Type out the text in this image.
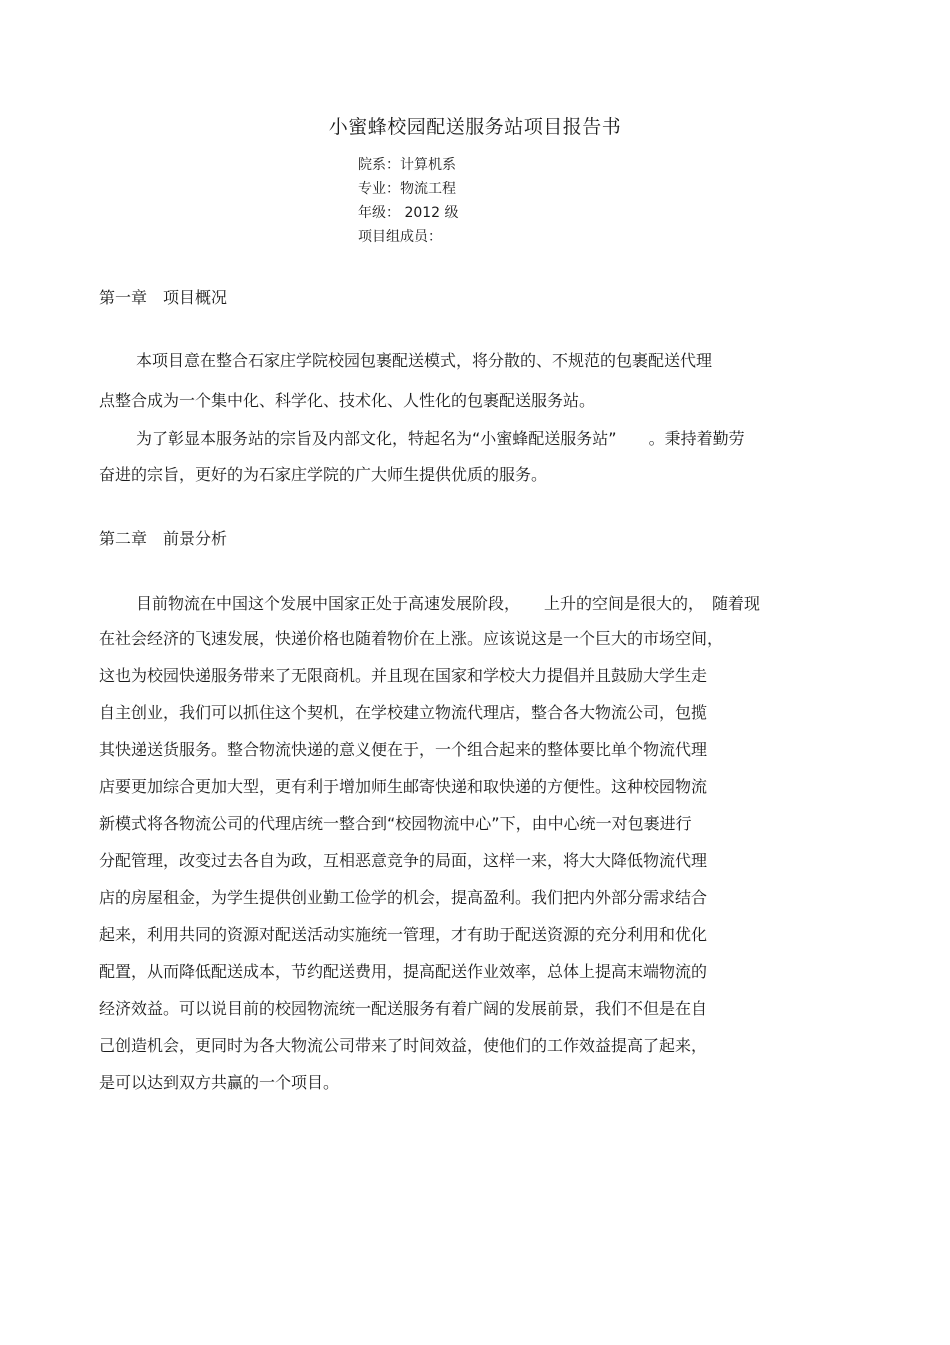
小蜜蜂校园配送服务站项目报告书
院系：计算机系
专业：物流工程
年级： 2012 级
项目组成员：
第一章 项目概况
本项目意在整合石家庄学院校园包裹配送模式，将分散的、不规范的包裹配送代理
点整合成为一个集中化、科学化、技术化、人性化的包裹配送服务站。
为了彰显本服务站的宗旨及内部文化，特起名为“小蜜蜂配送服务站”　　。秉持着勤劳
奋进的宗旨，更好的为石家庄学院的广大师生提供优质的服务。
第二章 前景分析
目前物流在中国这个发展中国家正处于高速发展阶段，　　上升的空间是很大的，　随着现
在社会经济的飞速发展，快递价格也随着物价在上涨。应该说这是一个巨大的市场空间，
这也为校园快递服务带来了无限商机。并且现在国家和学校大力提倡并且鼓励大学生走
自主创业，我们可以抓住这个契机，在学校建立物流代理店，整合各大物流公司，包揽
其快递送货服务。整合物流快递的意义便在于，一个组合起来的整体要比单个物流代理
店要更加综合更加大型，更有利于增加师生邮寄快递和取快递的方便性。这种校园物流
新模式将各物流公司的代理店统一整合到“校园物流中心”下，由中心统一对包裹进行
分配管理，改变过去各自为政，互相恶意竞争的局面，这样一来，将大大降低物流代理
店的房屋租金，为学生提供创业勤工俭学的机会，提高盈利。我们把内外部分需求结合
起来，利用共同的资源对配送活动实施统一管理，才有助于配送资源的充分利用和优化
配置，从而降低配送成本，节约配送费用，提高配送作业效率，总体上提高末端物流的
经济效益。可以说目前的校园物流统一配送服务有着广阔的发展前景，我们不但是在自
己创造机会，更同时为各大物流公司带来了时间效益，使他们的工作效益提高了起来，
是可以达到双方共赢的一个项目。
